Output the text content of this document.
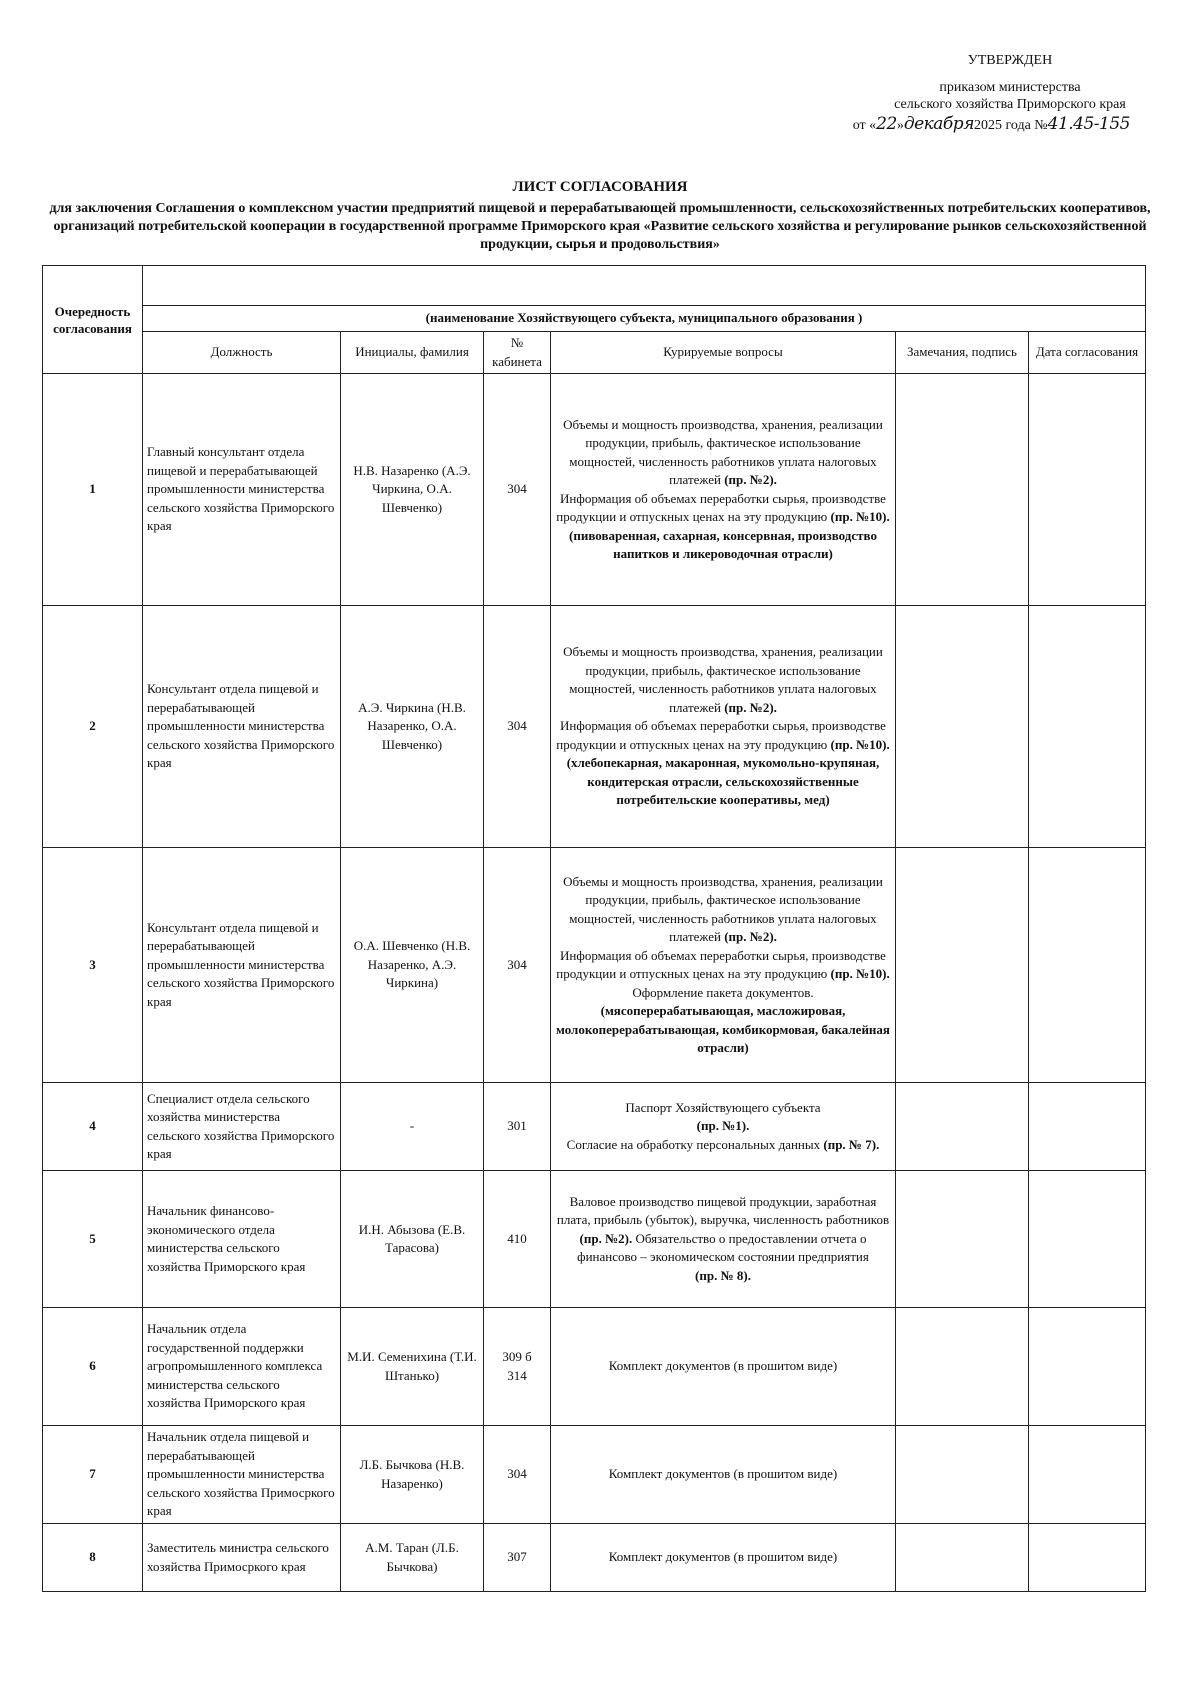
УТВЕРЖДЕН
приказом министерства
сельского хозяйства Приморского края
от «22»декабря2025 года №41.45-155
ЛИСТ СОГЛАСОВАНИЯ
для заключения Соглашения о комплексном участии предприятий пищевой и перерабатывающей промышленности, сельскохозяйственных потребительских кооперативов, организаций потребительской кооперации в государственной программе Приморского края «Развитие сельского хозяйства и регулирование рынков сельскохозяйственной продукции, сырья и продовольствия»
Очередность согласования						
	(наименование Хозяйствующего субъекта, муниципального образования )					
	Должность	Инициалы, фамилия	№ кабинета	Курируемые вопросы	Замечания, подпись	Дата согласования
1	Главный консультант отдела пищевой и перерабатывающей промышленности министерства сельского хозяйства Приморского края	Н.В. Назаренко (А.Э. Чиркина, О.А. Шевченко)	304	Объемы и мощность производства, хранения, реализации продукции, прибыль, фактическое использование мощностей, численность работников уплата налоговых платежей (пр. №2).
Информация об объемах переработки сырья, производстве продукции и отпускных ценах на эту продукцию (пр. №10).
(пивоваренная, сахарная, консервная, производство напитков и ликероводочная отрасли)		
2	Консультант отдела пищевой и перерабатывающей промышленности министерства сельского хозяйства Приморского края	А.Э. Чиркина (Н.В. Назаренко, О.А. Шевченко)	304	Объемы и мощность производства, хранения, реализации продукции, прибыль, фактическое использование мощностей, численность работников уплата налоговых платежей (пр. №2).
Информация об объемах переработки сырья, производстве продукции и отпускных ценах на эту продукцию (пр. №10).
(хлебопекарная, макаронная, мукомольно-крупяная, кондитерская отрасли, сельскохозяйственные потребительские кооперативы, мед)		
3	Консультант отдела пищевой и перерабатывающей промышленности министерства сельского хозяйства Приморского края	О.А. Шевченко (Н.В. Назаренко, А.Э. Чиркина)	304	Объемы и мощность производства, хранения, реализации продукции, прибыль, фактическое использование мощностей, численность работников уплата налоговых платежей (пр. №2).
Информация об объемах переработки сырья, производстве продукции и отпускных ценах на эту продукцию (пр. №10).
Оформление пакета документов.
(мясоперерабатывающая, масложировая, молокоперерабатывающая, комбикормовая, бакалейная отрасли)		
4	Специалист отдела сельского хозяйства министерства сельского хозяйства Приморского края	-	301	Паспорт Хозяйствующего субъекта
(пр. №1).
Согласие на обработку персональных данных (пр. № 7).		
5	Начальник финансово-экономического отдела министерства сельского хозяйства Приморского края	И.Н. Абызова (Е.В. Тарасова)	410	Валовое производство пищевой продукции, заработная плата, прибыль (убыток), выручка, численность работников (пр. №2). Обязательство о предоставлении отчета о финансово – экономическом состоянии предприятия
(пр. № 8).		
6	Начальник отдела государственной поддержки агропромышленного комплекса министерства сельского хозяйства Приморского края	М.И. Семенихина (Т.И. Штанько)	309 б 314	Комплект документов (в прошитом виде)		
7	Начальник отдела пищевой и перерабатывающей промышленности министерства сельского хозяйства Примосркого края	Л.Б. Бычкова (Н.В. Назаренко)	304	Комплект документов (в прошитом виде)		
8	Заместитель министра сельского хозяйства Примосркого края	А.М. Таран (Л.Б. Бычкова)	307	Комплект документов (в прошитом виде)		
